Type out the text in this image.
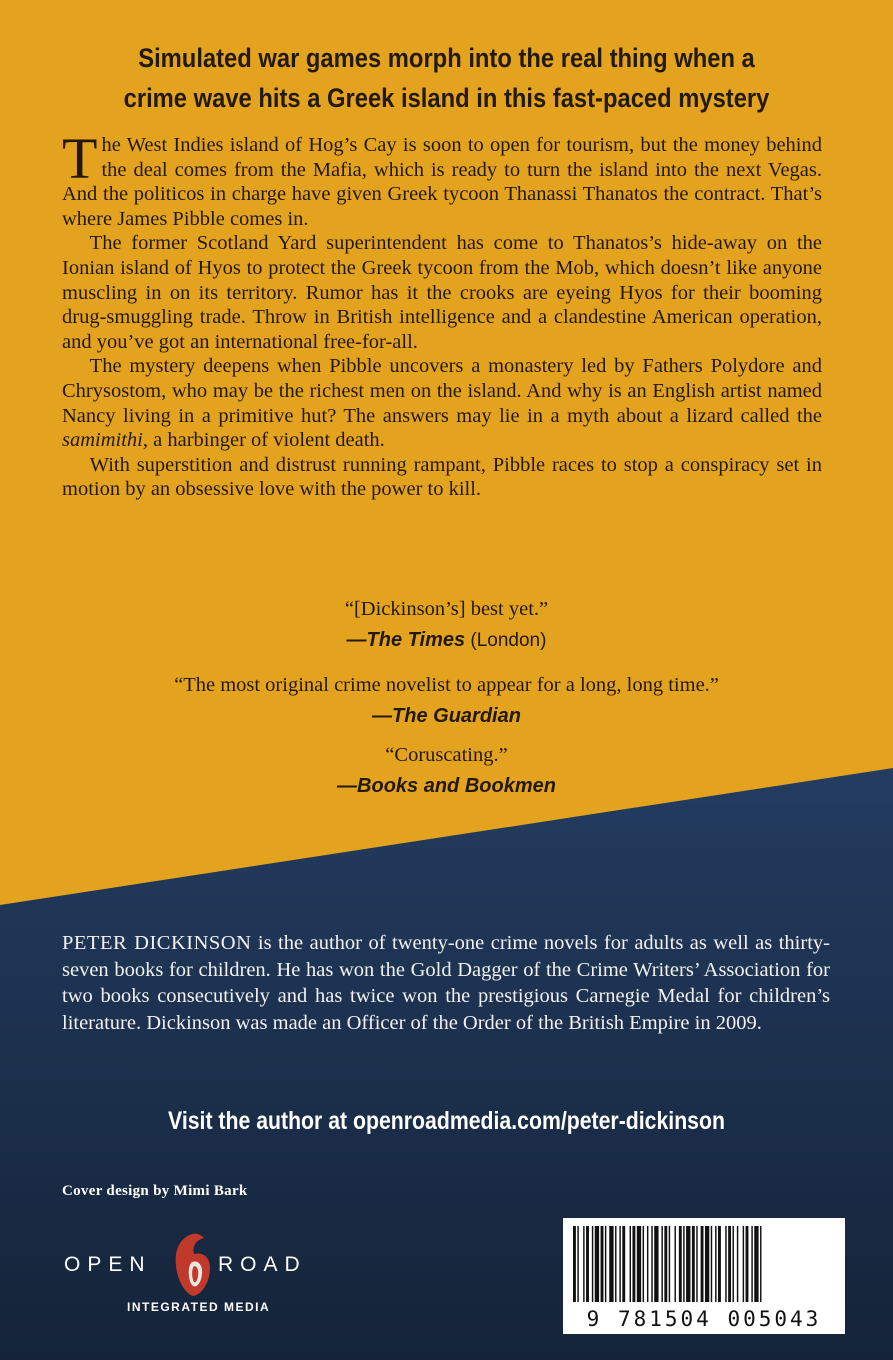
Simulated war games morph into the real thing when a
crime wave hits a Greek island in this fast-paced mystery

The West Indies island of Hog’s Cay is soon to open for tourism, but the money behind the deal comes from the Mafia, which is ready to turn the island into the next Vegas. And the politicos in charge have given Greek tycoon Thanassi Thanatos the contract. That’s where James Pibble comes in.

The former Scotland Yard superintendent has come to Thanatos’s hide-away on the Ionian island of Hyos to protect the Greek tycoon from the Mob, which doesn’t like anyone muscling in on its territory. Rumor has it the crooks are eyeing Hyos for their booming drug-smuggling trade. Throw in British intelligence and a clandestine American operation, and you’ve got an international free-for-all.

The mystery deepens when Pibble uncovers a monastery led by Fathers Polydore and Chrysostom, who may be the richest men on the island. And why is an English artist named Nancy living in a primitive hut? The answers may lie in a myth about a lizard called the samimithi, a harbinger of violent death.

With superstition and distrust running rampant, Pibble races to stop a conspiracy set in motion by an obsessive love with the power to kill.

“[Dickinson’s] best yet.”
—The Times (London)
“The most original crime novelist to appear for a long, long time.”
—The Guardian
“Coruscating.”
—Books and Bookmen

PETER DICKINSON is the author of twenty-one crime novels for adults as well as thirty-seven books for children. He has won the Gold Dagger of the Crime Writers’ Association for two books consecutively and has twice won the prestigious Carnegie Medal for children’s literature. Dickinson was made an Officer of the Order of the British Empire in 2009.

Visit the author at openroadmedia.com/peter-dickinson
Cover design by Mimi Bark
OPEN	ROAD
INTEGRATED MEDIA	9 781504 005043
